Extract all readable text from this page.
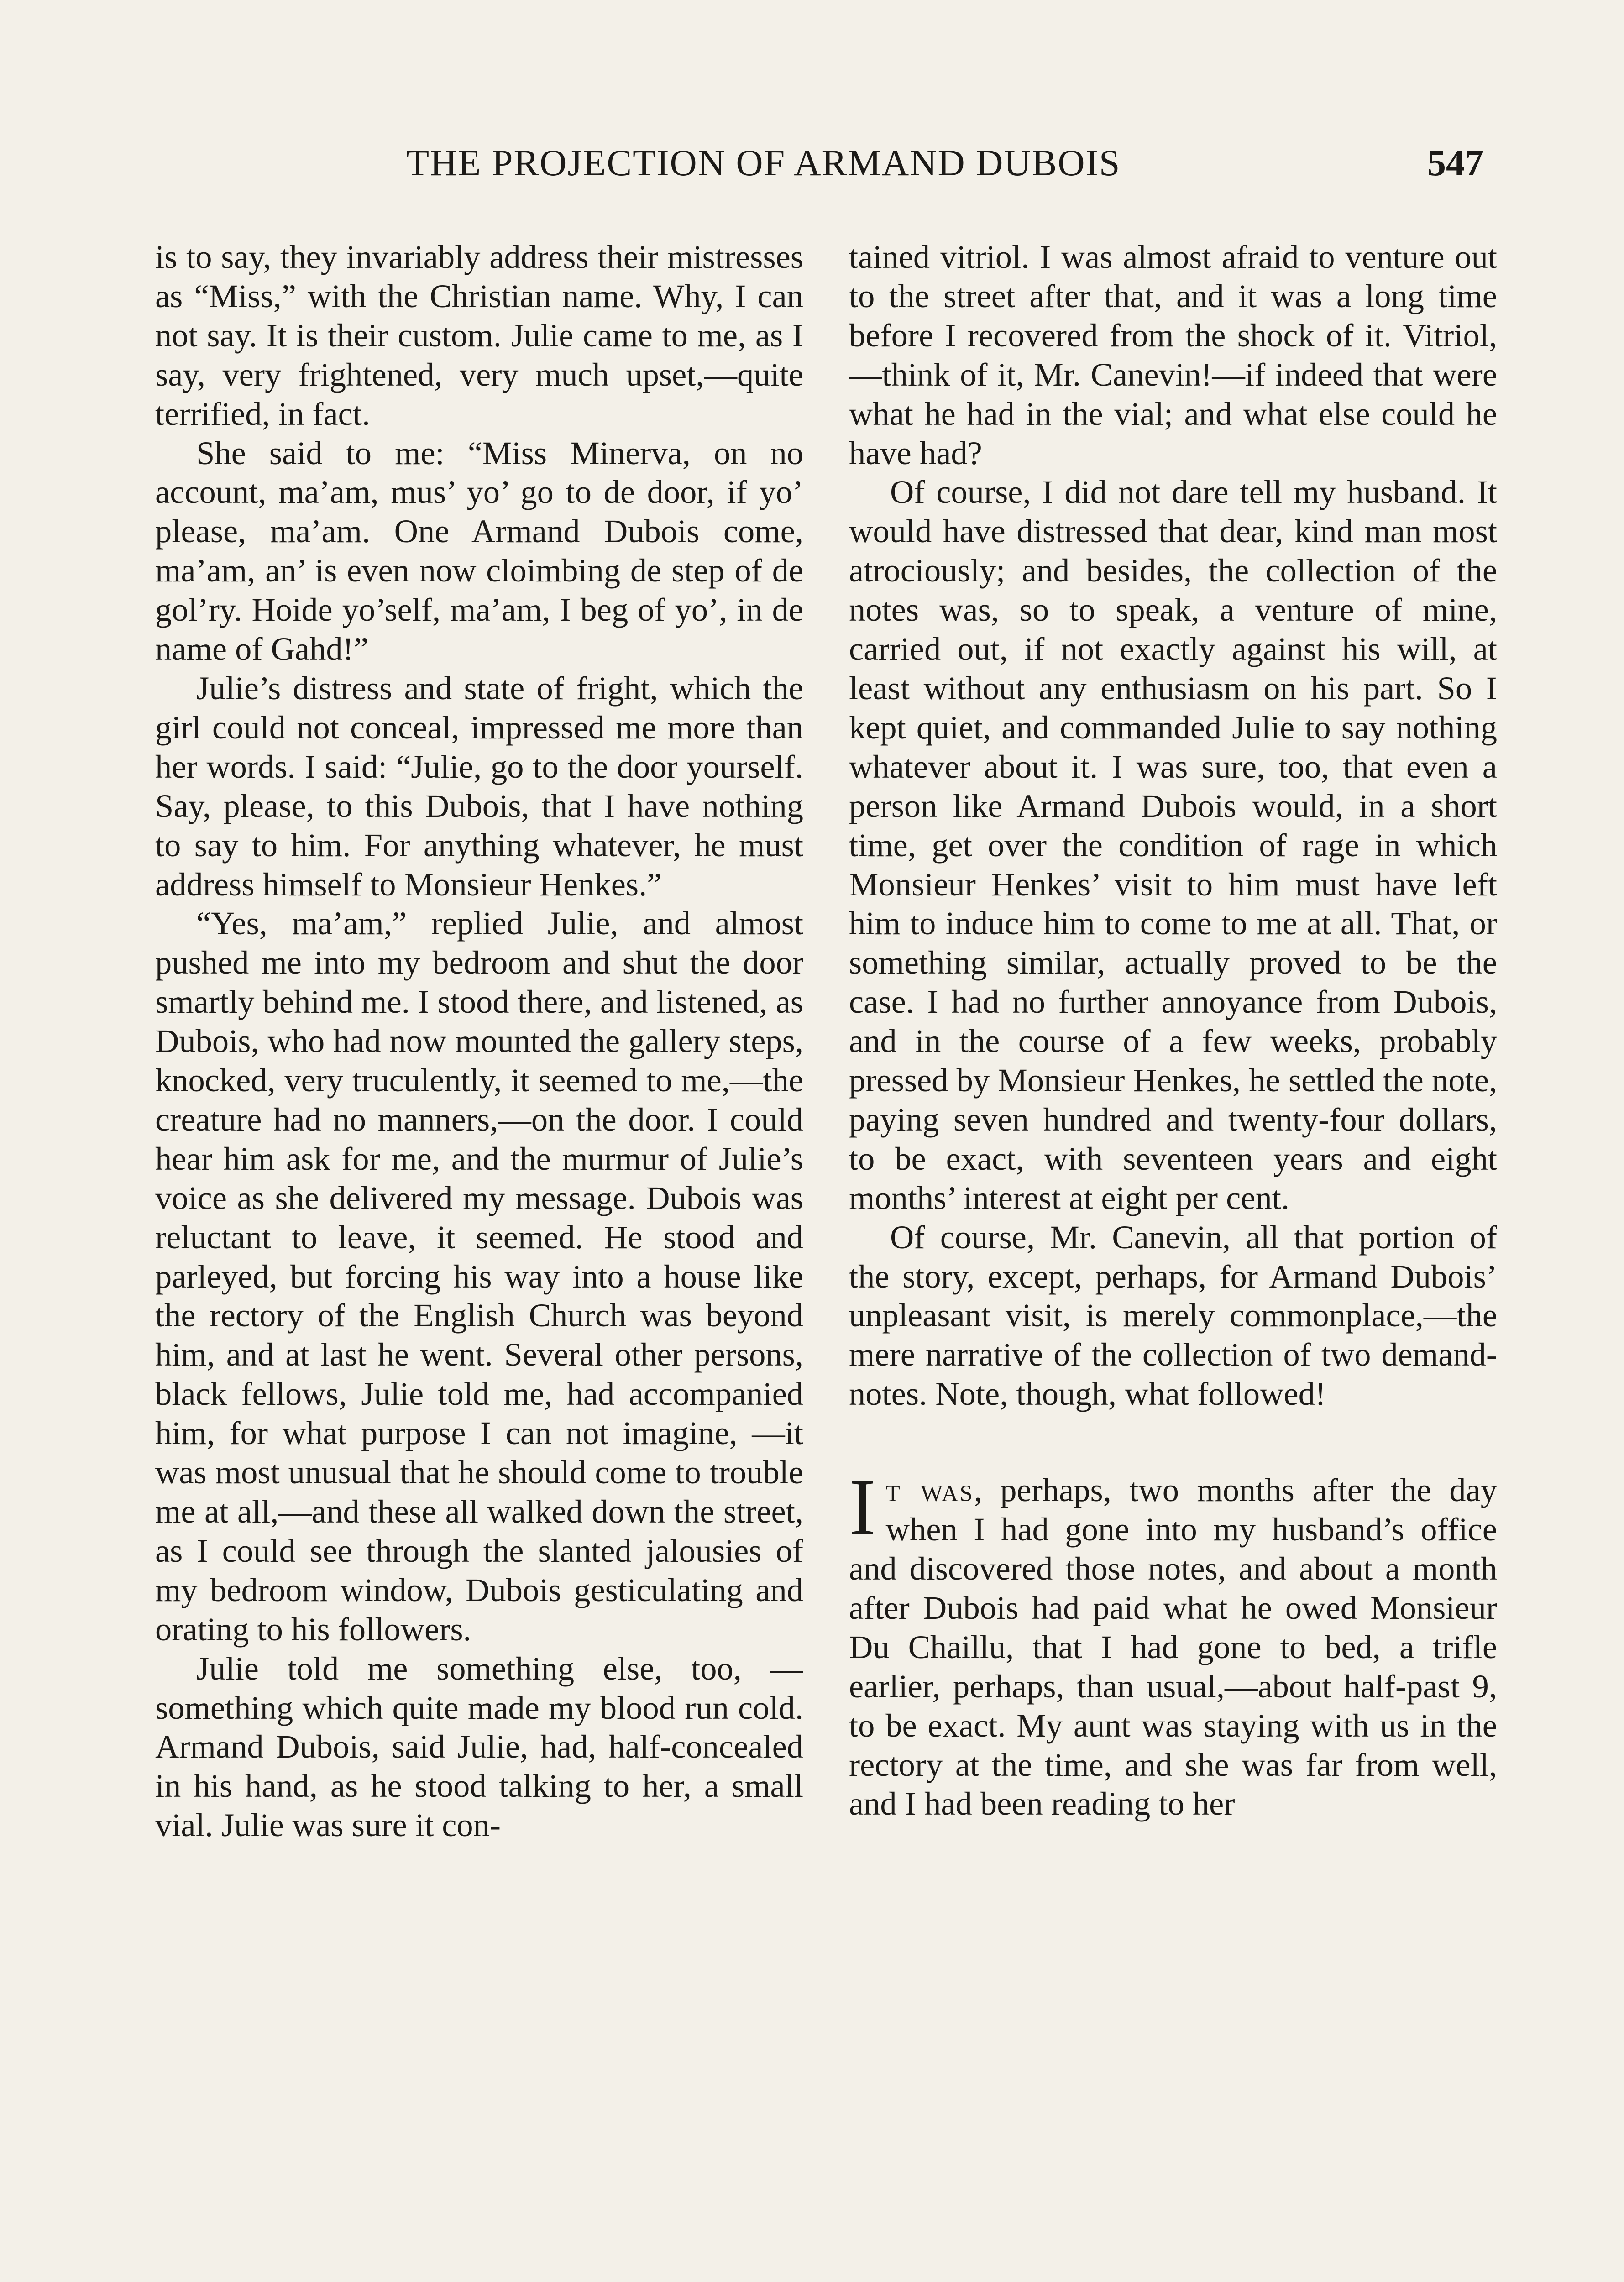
THE PROJECTION OF ARMAND DUBOIS	547

is to say, they invariably address their mistresses as “Miss,” with the Christian name. Why, I can not say. It is their custom. Julie came to me, as I say, very frightened, very much upset,—quite terrified, in fact.

She said to me: “Miss Minerva, on no account, ma’am, mus’ yo’ go to de door, if yo’ please, ma’am. One Armand Dubois come, ma’am, an’ is even now cloimbing de step of de gol’ry. Hoide yo’self, ma’am, I beg of yo’, in de name of Gahd!”

Julie’s distress and state of fright, which the girl could not conceal, impressed me more than her words. I said: “Julie, go to the door yourself. Say, please, to this Dubois, that I have nothing to say to him. For anything whatever, he must address himself to Monsieur Henkes.”

“Yes, ma’am,” replied Julie, and almost pushed me into my bedroom and shut the door smartly behind me. I stood there, and listened, as Dubois, who had now mounted the gallery steps, knocked, very truculently, it seemed to me,—the creature had no manners,—on the door. I could hear him ask for me, and the murmur of Julie’s voice as she delivered my message. Dubois was reluctant to leave, it seemed. He stood and parleyed, but forcing his way into a house like the rectory of the English Church was beyond him, and at last he went. Several other persons, black fellows, Julie told me, had accompanied him, for what purpose I can not imagine, —it was most unusual that he should come to trouble me at all,—and these all walked down the street, as I could see through the slanted jalousies of my bedroom window, Dubois gesticulating and orating to his followers.

Julie told me something else, too, —something which quite made my blood run cold. Armand Dubois, said Julie, had, half-concealed in his hand, as he stood talking to her, a small vial. Julie was sure it con-

tained vitriol. I was almost afraid to venture out to the street after that, and it was a long time before I recovered from the shock of it. Vitriol, —think of it, Mr. Canevin!—if indeed that were what he had in the vial; and what else could he have had?

Of course, I did not dare tell my husband. It would have distressed that dear, kind man most atrociously; and besides, the collection of the notes was, so to speak, a venture of mine, carried out, if not exactly against his will, at least without any enthusiasm on his part. So I kept quiet, and commanded Julie to say nothing whatever about it. I was sure, too, that even a person like Armand Dubois would, in a short time, get over the condition of rage in which Monsieur Henkes’ visit to him must have left him to induce him to come to me at all. That, or something similar, actually proved to be the case. I had no further annoyance from Dubois, and in the course of a few weeks, probably pressed by Monsieur Henkes, he settled the note, paying seven hundred and twenty-four dollars, to be exact, with seventeen years and eight months’ interest at eight per cent.

Of course, Mr. Canevin, all that portion of the story, except, perhaps, for Armand Dubois’ unpleasant visit, is merely commonplace,—the mere narrative of the collection of two demand-notes. Note, though, what followed!

It was, perhaps, two months after the day when I had gone into my husband’s office and discovered those notes, and about a month after Dubois had paid what he owed Monsieur Du Chaillu, that I had gone to bed, a trifle earlier, perhaps, than usual,—about half-past 9, to be exact. My aunt was staying with us in the rectory at the time, and she was far from well, and I had been reading to her
